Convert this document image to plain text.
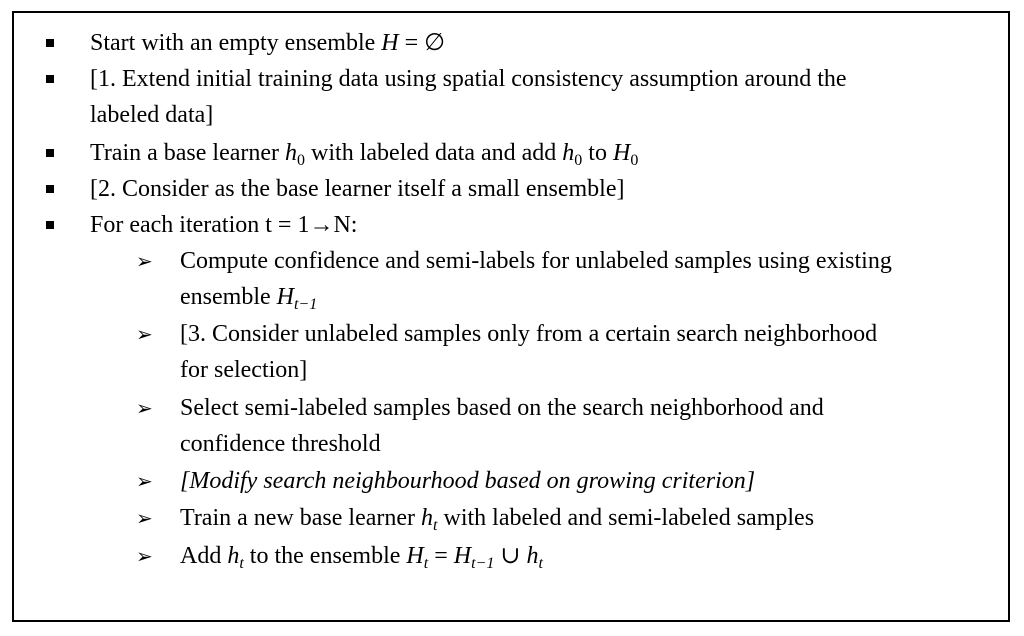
Start with an empty ensemble H = ∅
[1. Extend initial training data using spatial consistency assumption around the
labeled data]
Train a base learner $h_0$ with labeled data and add $h_0$ to $H_0$
[2. Consider as the base learner itself a small ensemble]
For each iteration t = 1→N:
➢ Compute confidence and semi-labels for unlabeled samples using existing
ensemble $H_{t-1}$
➢ [3. Consider unlabeled samples only from a certain search neighborhood
for selection]
➢ Select semi-labeled samples based on the search neighborhood and
confidence threshold
➢ [Modify search neighbourhood based on growing criterion]
➢ Train a new base learner $h_t$ with labeled and semi-labeled samples
➢ Add $h_t$ to the ensemble $H_t = H_{t-1}$ ∪ $h_t$
